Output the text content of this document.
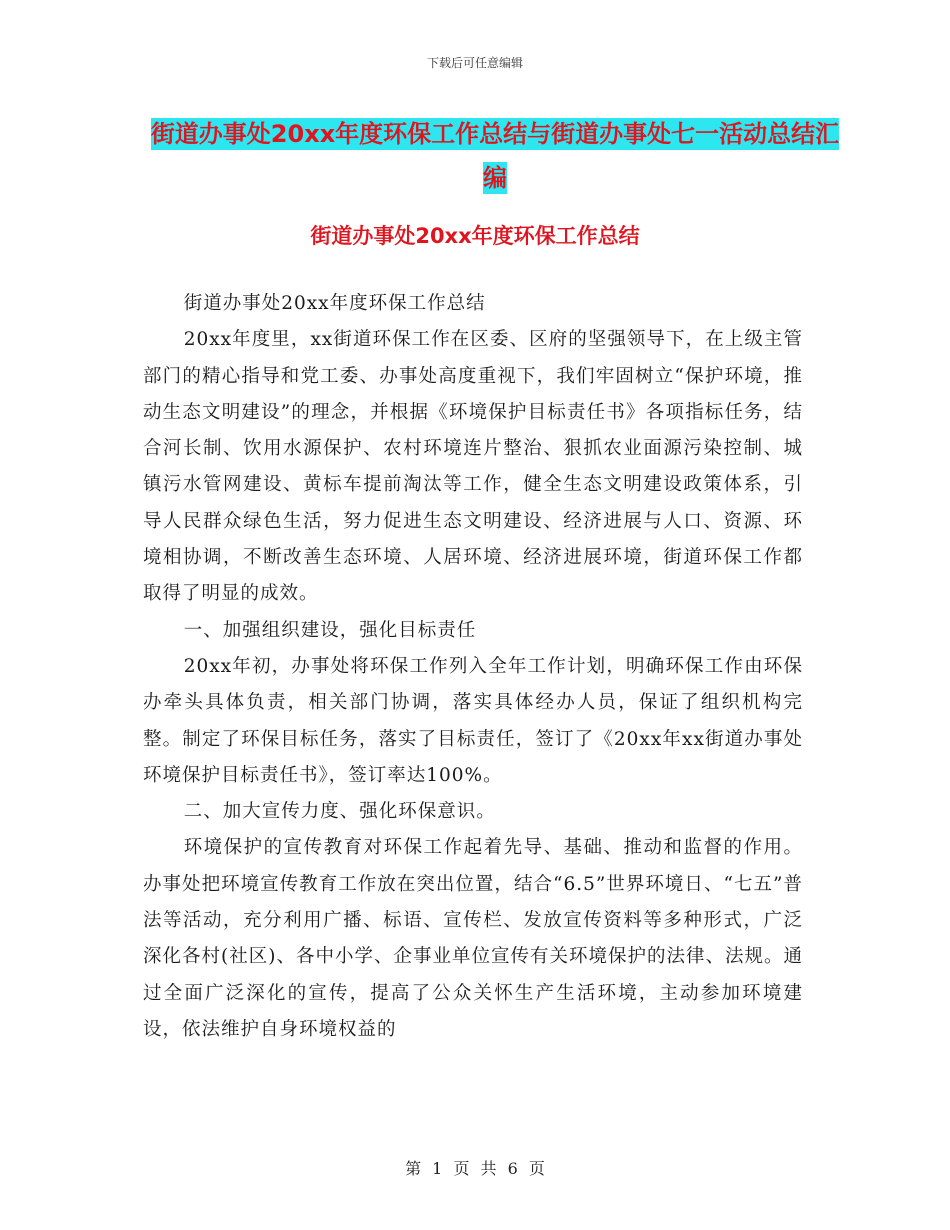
下载后可任意编辑
街道办事处20xx年度环保工作总结与街道办事处七一活动总结汇编
街道办事处20xx年度环保工作总结

街道办事处20xx年度环保工作总结

20xx年度里，xx街道环保工作在区委、区府的坚强领导下，在上级主管部门的精心指导和党工委、办事处高度重视下，我们牢固树立“保护环境，推动生态文明建设”的理念，并根据《环境保护目标责任书》各项指标任务，结合河长制、饮用水源保护、农村环境连片整治、狠抓农业面源污染控制、城镇污水管网建设、黄标车提前淘汰等工作，健全生态文明建设政策体系，引导人民群众绿色生活，努力促进生态文明建设、经济进展与人口、资源、环境相协调，不断改善生态环境、人居环境、经济进展环境，街道环保工作都取得了明显的成效。

一、加强组织建设，强化目标责任

20xx年初，办事处将环保工作列入全年工作计划，明确环保工作由环保办牵头具体负责，相关部门协调，落实具体经办人员，保证了组织机构完整。制定了环保目标任务，落实了目标责任，签订了《20xx年xx街道办事处环境保护目标责任书》，签订率达100%。

二、加大宣传力度、强化环保意识。

环境保护的宣传教育对环保工作起着先导、基础、推动和监督的作用。办事处把环境宣传教育工作放在突出位置，结合“6.5”世界环境日、“七五”普法等活动，充分利用广播、标语、宣传栏、发放宣传资料等多种形式，广泛深化各村(社区)、各中小学、企事业单位宣传有关环境保护的法律、法规。通过全面广泛深化的宣传，提高了公众关怀生产生活环境，主动参加环境建设，依法维护自身环境权益的

第 1 页 共 6 页
